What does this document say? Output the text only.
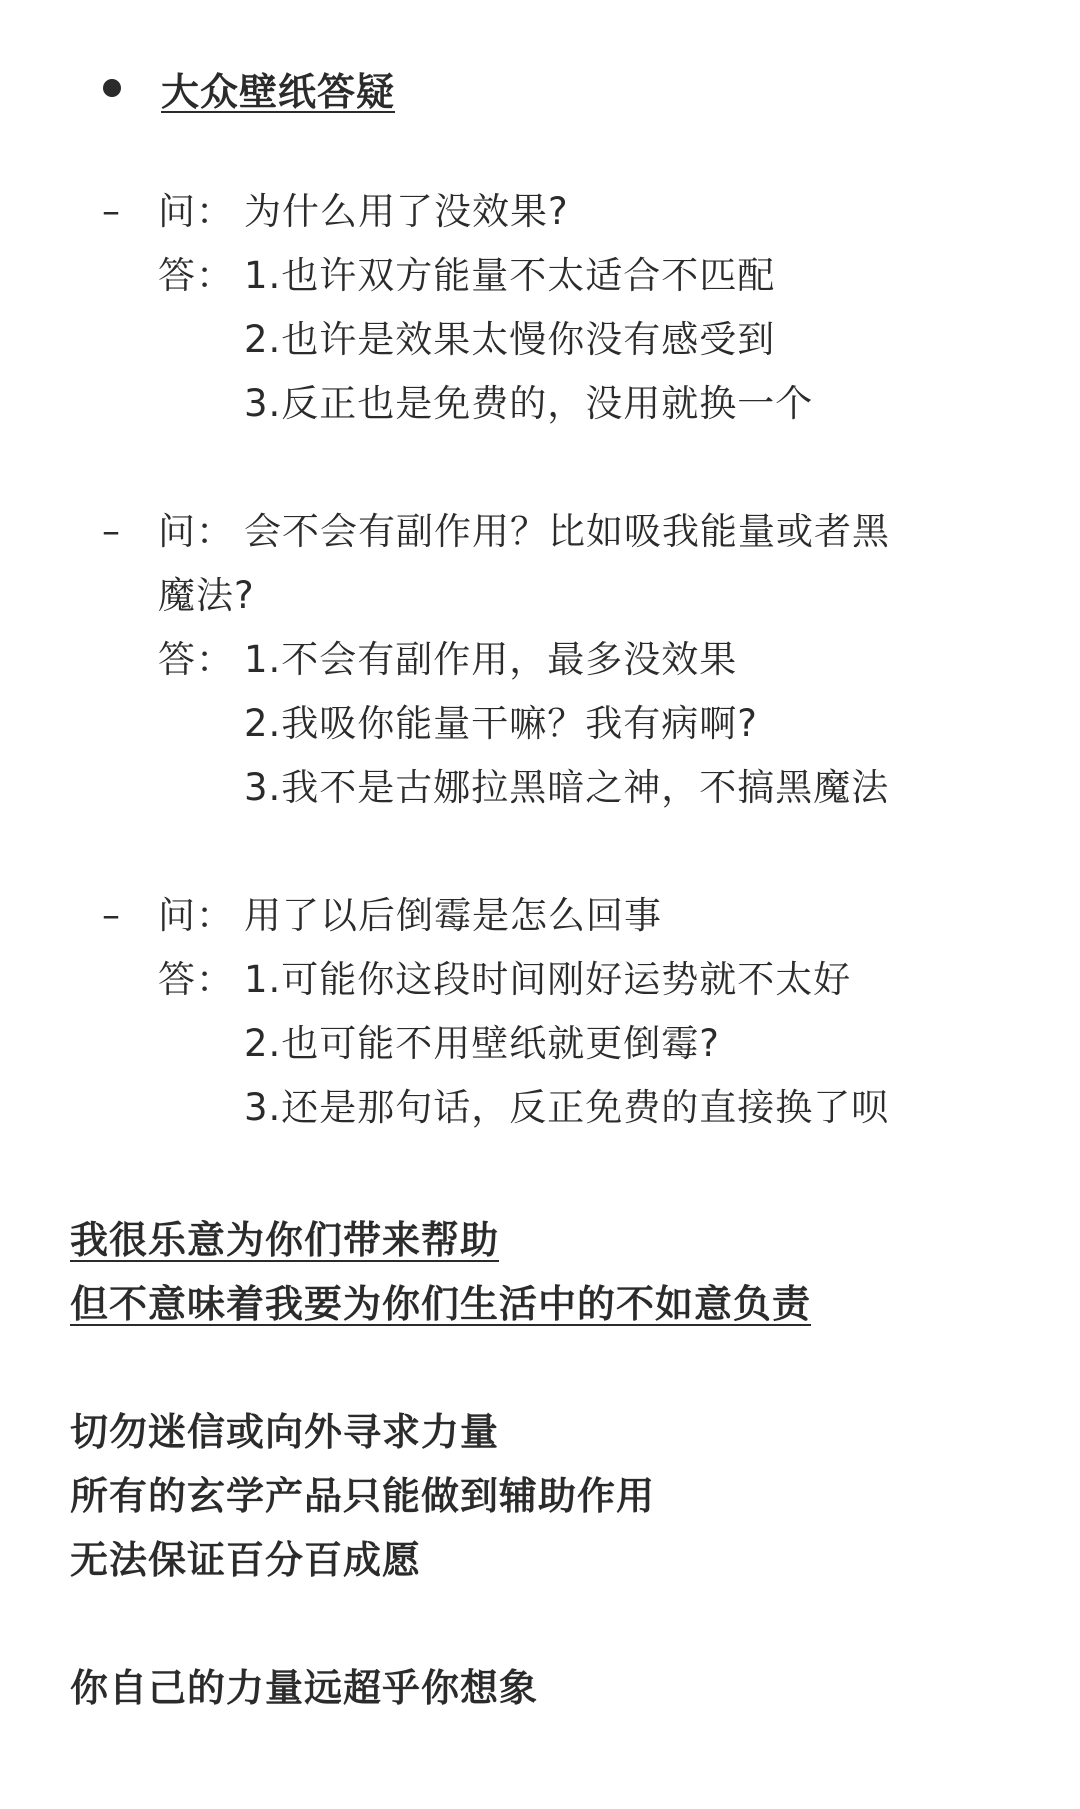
大众壁纸答疑
– 问： 为什么用了没效果?
答： 1.也许双方能量不太适合不匹配
2.也许是效果太慢你没有感受到
3.反正也是免费的，没用就换一个
– 问： 会不会有副作用？比如吸我能量或者黑
魔法?
答： 1.不会有副作用，最多没效果
2.我吸你能量干嘛？我有病啊?
3.我不是古娜拉黑暗之神，不搞黑魔法
– 问： 用了以后倒霉是怎么回事
答： 1.可能你这段时间刚好运势就不太好
2.也可能不用壁纸就更倒霉?
3.还是那句话，反正免费的直接换了呗
我很乐意为你们带来帮助
但不意味着我要为你们生活中的不如意负责
切勿迷信或向外寻求力量
所有的玄学产品只能做到辅助作用
无法保证百分百成愿
你自己的力量远超乎你想象
